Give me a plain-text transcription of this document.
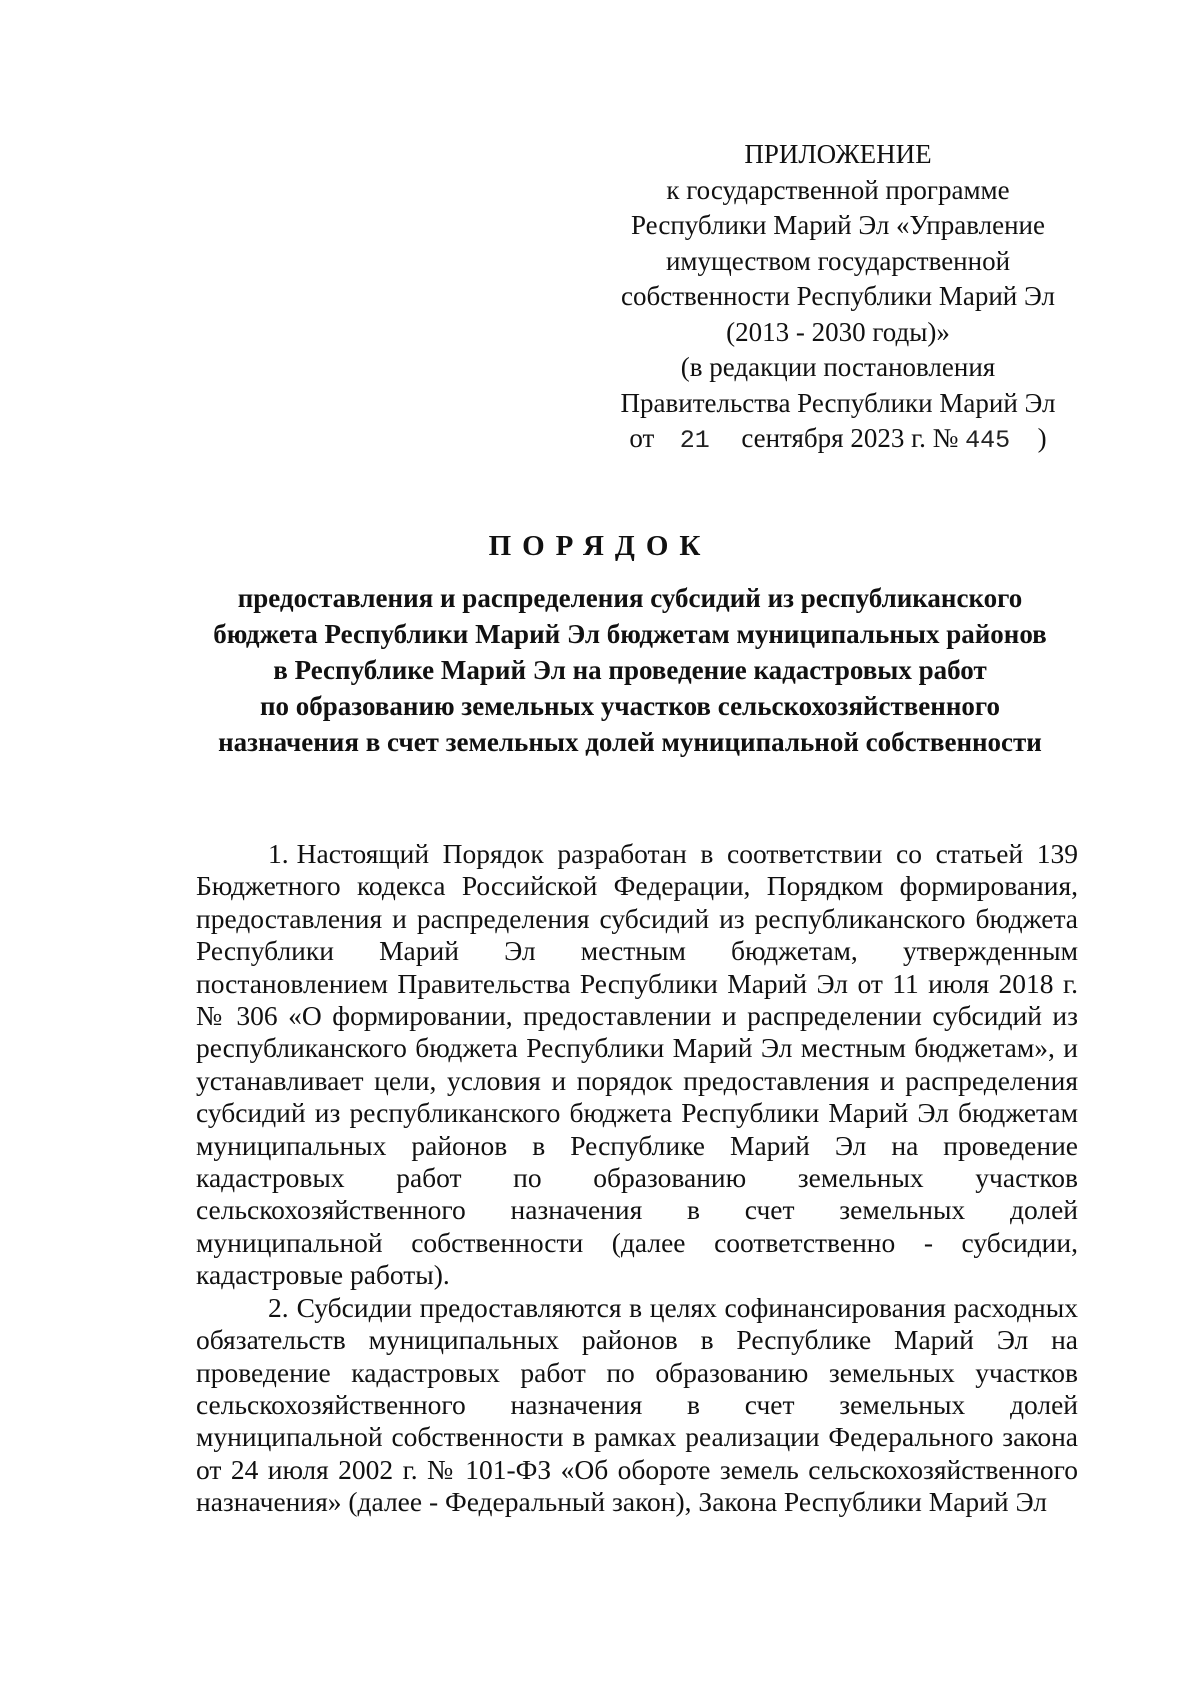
ПРИЛОЖЕНИЕ
к государственной программе
Республики Марий Эл «Управление
имуществом государственной
собственности Республики Марий Эл
(2013 - 2030 годы)»
(в редакции постановления
Правительства Республики Марий Эл
от 21 сентября 2023 г. № 445 )
ПОРЯДОК
предоставления и распределения субсидий из республиканского
бюджета Республики Марий Эл бюджетам муниципальных районов
в Республике Марий Эл на проведение кадастровых работ
по образованию земельных участков сельскохозяйственного
назначения в счет земельных долей муниципальной собственности

1. Настоящий Порядок разработан в соответствии со статьей 139 Бюджетного кодекса Российской Федерации, Порядком формирования, предоставления и распределения субсидий из республиканского бюджета Республики Марий Эл местным бюджетам, утвержденным постановлением Правительства Республики Марий Эл от 11 июля 2018 г. № 306 «О формировании, предоставлении и распределении субсидий из республиканского бюджета Республики Марий Эл местным бюджетам», и устанавливает цели, условия и порядок предоставления и распределения субсидий из республиканского бюджета Республики Марий Эл бюджетам муниципальных районов в Республике Марий Эл на проведение кадастровых работ по образованию земельных участков сельскохозяйственного назначения в счет земельных долей муниципальной собственности (далее соответственно - субсидии, кадастровые работы).

2. Субсидии предоставляются в целях софинансирования расходных обязательств муниципальных районов в Республике Марий Эл на проведение кадастровых работ по образованию земельных участков сельскохозяйственного назначения в счет земельных долей муниципальной собственности в рамках реализации Федерального закона от 24 июля 2002 г. № 101-ФЗ «Об обороте земель сельскохозяйственного назначения» (далее - Федеральный закон), Закона Республики Марий Эл
